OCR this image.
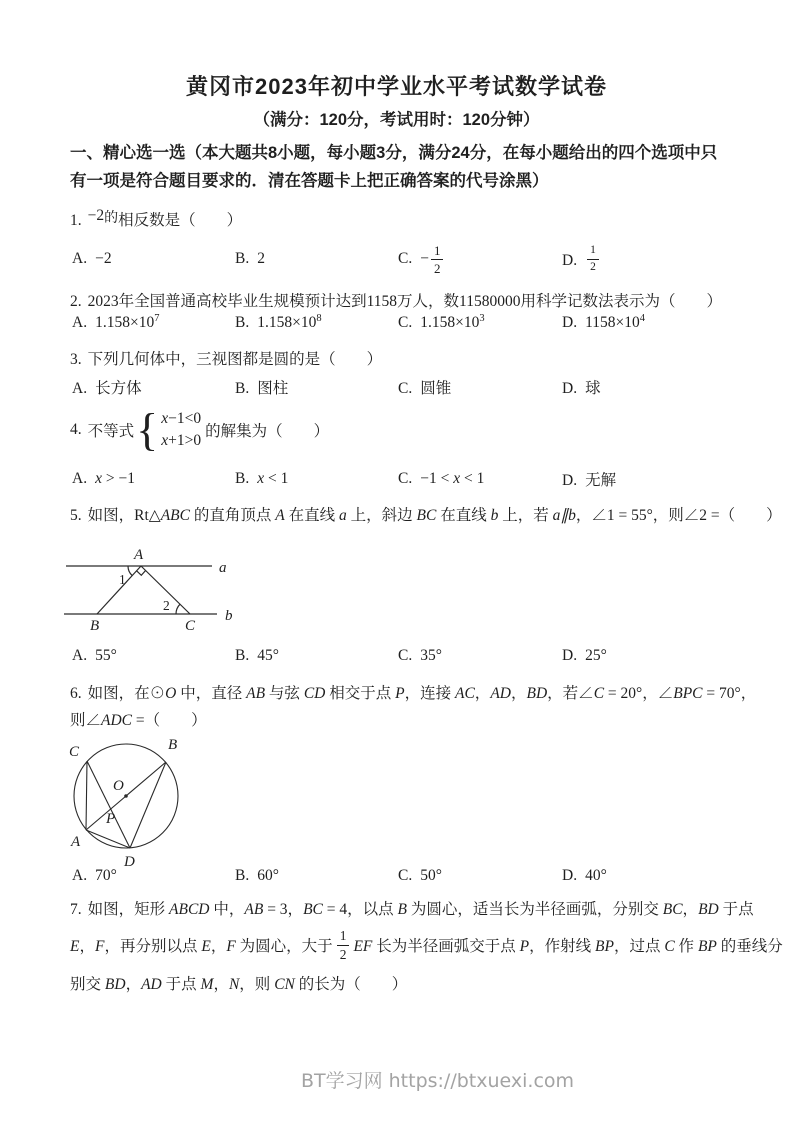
黄冈市2023年初中学业水平考试数学试卷
（满分：120分，考试用时：120分钟）
一、精心选一选（本大题共8小题，每小题3分，满分24分，在每小题给出的四个选项中只
有一项是符合题目要求的．清在答题卡上把正确答案的代号涂黑）
1. −2的相反数是（　　）
A. −2	B. 2	C. − $\frac{1}{2}$	D. $\frac{1}{2}$
2. 2023年全国普通高校毕业生规模预计达到1158万人，数11580000用科学记数法表示为（　　）
A. $1.158\times 10^7$	B. $1.158\times 10^8$	C. $1.158\times 10^3$	D. $1158\times 10^4$
3. 下列几何体中，三视图都是圆的是（　　）
A. 长方体	B. 图柱	C. 圆锥	D. 球
4. 不等式 { x−1<0
x+1>0
的解集为（　　）
A. x > −1	B. x < 1	C. −1 < x < 1	D. 无解
5. 如图，Rt△ABC 的直角顶点 A 在直线 a 上，斜边 BC 在直线 b 上，若 a∥b，∠1 = 55°，则∠2 =（　　）
A
a
B	C
b
1
2
A. 55°	B. 45°	C. 35°	D. 25°
6. 如图，在⊙O 中，直径 AB 与弦 CD 相交于点 P，连接 AC，AD，BD，若∠C = 20°，∠BPC = 70°，
则∠ADC =（　　）
C	B
O
P
A
D
A. 70°	B. 60°	C. 50°	D. 40°
7. 如图，矩形 ABCD 中，AB = 3，BC = 4，以点 B 为圆心，适当长为半径画弧，分别交 BC，BD 于点
E，F，再分别以点 E，F 为圆心，大于 $\frac{1}{2}$ EF 长为半径画弧交于点 P，作射线 BP，过点 C 作 BP 的垂线分
别交 BD，AD 于点 M，N，则 CN 的长为（　　）
BT学习网 https://btxuexi.com
